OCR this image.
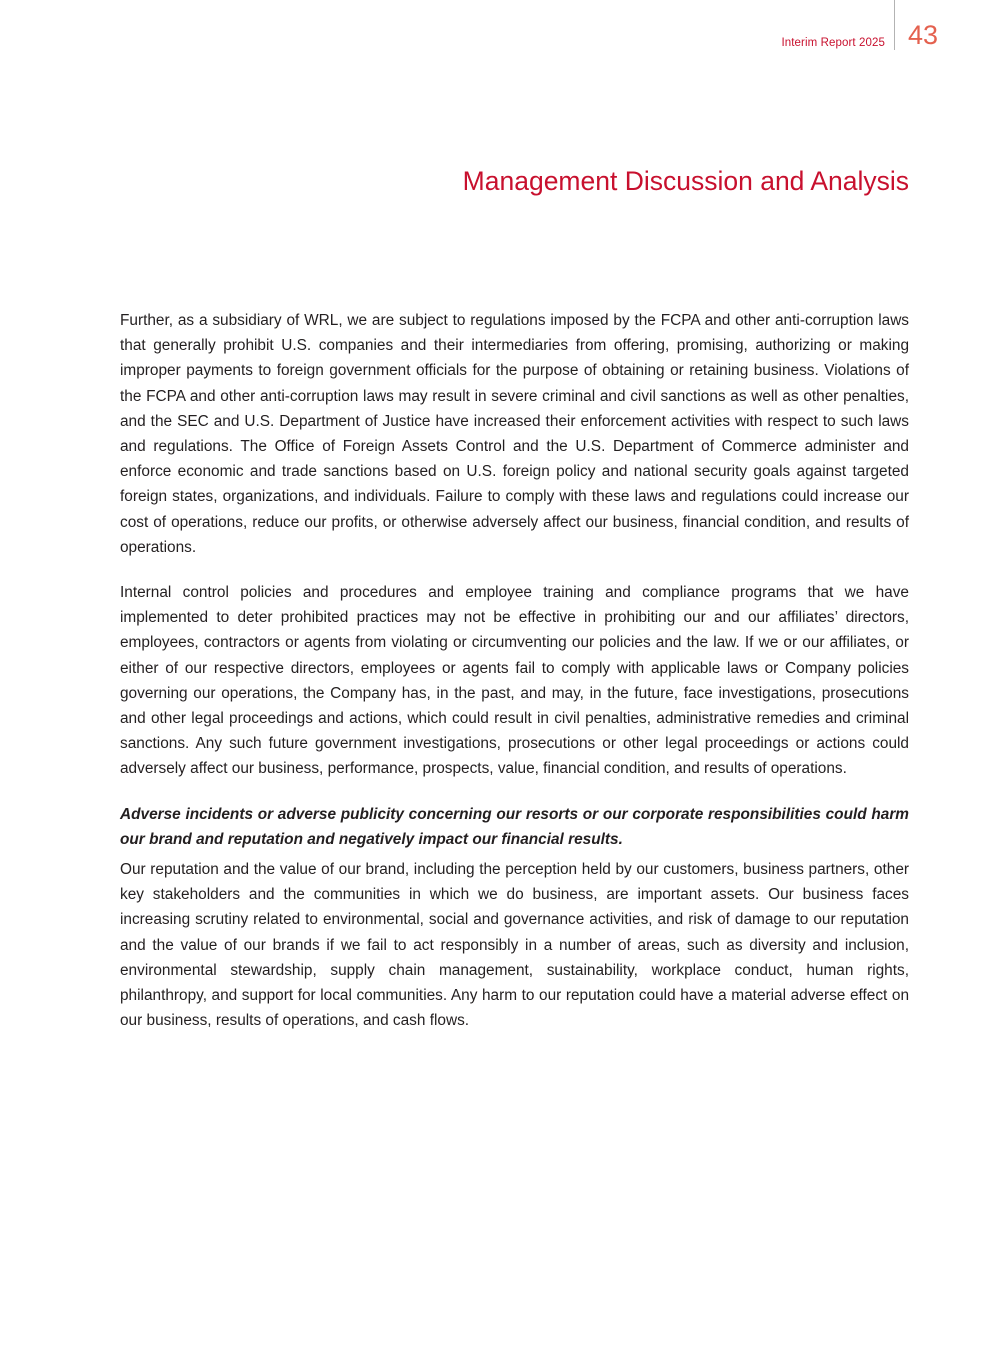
Interim Report 2025 43
Management Discussion and Analysis

Further, as a subsidiary of WRL, we are subject to regulations imposed by the FCPA and other anti-corruption laws that generally prohibit U.S. companies and their intermediaries from offering, promising, authorizing or making improper payments to foreign government officials for the purpose of obtaining or retaining business. Violations of the FCPA and other anti-corruption laws may result in severe criminal and civil sanctions as well as other penalties, and the SEC and U.S. Department of Justice have increased their enforcement activities with respect to such laws and regulations. The Office of Foreign Assets Control and the U.S. Department of Commerce administer and enforce economic and trade sanctions based on U.S. foreign policy and national security goals against targeted foreign states, organizations, and individuals. Failure to comply with these laws and regulations could increase our cost of operations, reduce our profits, or otherwise adversely affect our business, financial condition, and results of operations.

Internal control policies and procedures and employee training and compliance programs that we have implemented to deter prohibited practices may not be effective in prohibiting our and our affiliates’ directors, employees, contractors or agents from violating or circumventing our policies and the law. If we or our affiliates, or either of our respective directors, employees or agents fail to comply with applicable laws or Company policies governing our operations, the Company has, in the past, and may, in the future, face investigations, prosecutions and other legal proceedings and actions, which could result in civil penalties, administrative remedies and criminal sanctions. Any such future government investigations, prosecutions or other legal proceedings or actions could adversely affect our business, performance, prospects, value, financial condition, and results of operations.

Adverse incidents or adverse publicity concerning our resorts or our corporate responsibilities could harm our brand and reputation and negatively impact our financial results.

Our reputation and the value of our brand, including the perception held by our customers, business partners, other key stakeholders and the communities in which we do business, are important assets. Our business faces increasing scrutiny related to environmental, social and governance activities, and risk of damage to our reputation and the value of our brands if we fail to act responsibly in a number of areas, such as diversity and inclusion, environmental stewardship, supply chain management, sustainability, workplace conduct, human rights, philanthropy, and support for local communities. Any harm to our reputation could have a material adverse effect on our business, results of operations, and cash flows.
